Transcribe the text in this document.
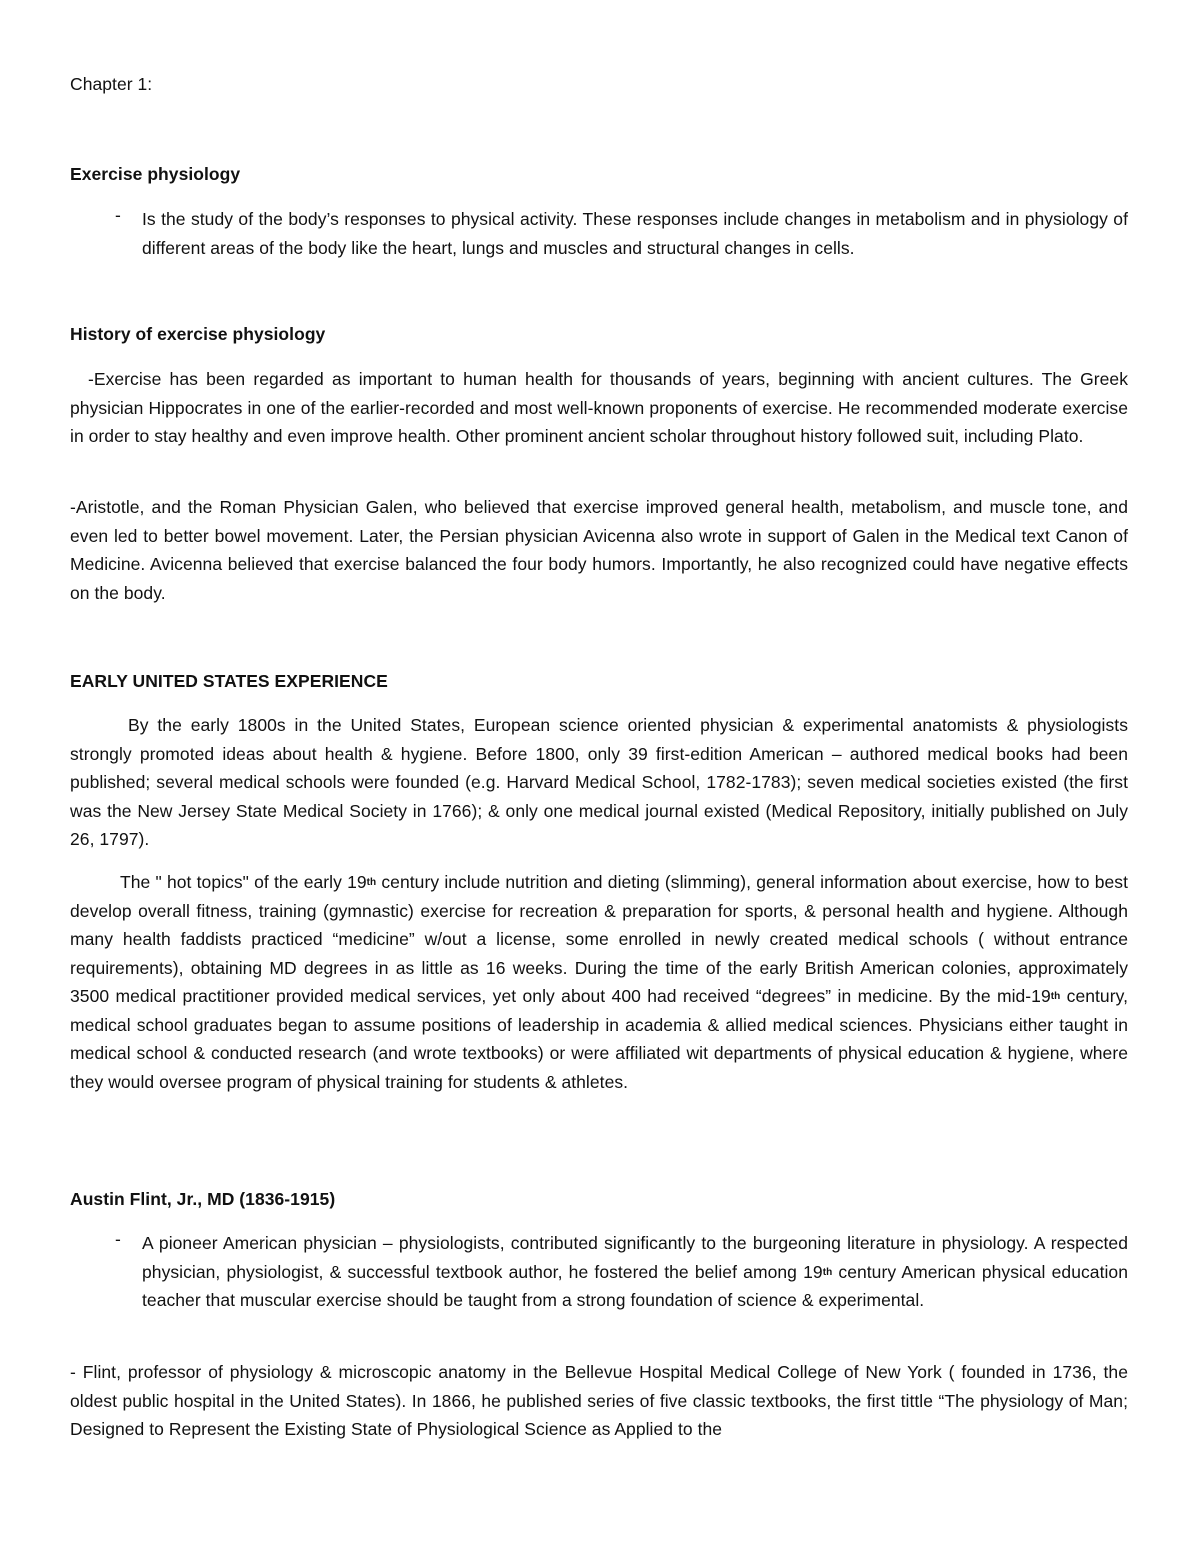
Chapter 1:
Exercise physiology
- Is the study of the body’s responses to physical activity. These responses include changes in metabolism and in physiology of different areas of the body like the heart, lungs and muscles and structural changes in cells.

History of exercise physiology

-Exercise has been regarded as important to human health for thousands of years, beginning with ancient cultures. The Greek physician Hippocrates in one of the earlier-recorded and most well-known proponents of exercise. He recommended moderate exercise in order to stay healthy and even improve health. Other prominent ancient scholar throughout history followed suit, including Plato.

-Aristotle, and the Roman Physician Galen, who believed that exercise improved general health, metabolism, and muscle tone, and even led to better bowel movement. Later, the Persian physician Avicenna also wrote in support of Galen in the Medical text Canon of Medicine. Avicenna believed that exercise balanced the four body humors. Importantly, he also recognized could have negative effects on the body.

EARLY UNITED STATES EXPERIENCE

By the early 1800s in the United States, European science oriented physician & experimental anatomists & physiologists strongly promoted ideas about health & hygiene. Before 1800, only 39 first-edition American – authored medical books had been published; several medical schools were founded (e.g. Harvard Medical School, 1782-1783); seven medical societies existed (the first was the New Jersey State Medical Society in 1766); & only one medical journal existed (Medical Repository, initially published on July 26, 1797).

The " hot topics" of the early 19th century include nutrition and dieting (slimming), general information about exercise, how to best develop overall fitness, training (gymnastic) exercise for recreation & preparation for sports, & personal health and hygiene. Although many health faddists practiced “medicine” w/out a license, some enrolled in newly created medical schools ( without entrance requirements), obtaining MD degrees in as little as 16 weeks. During the time of the early British American colonies, approximately 3500 medical practitioner provided medical services, yet only about 400 had received “degrees” in medicine. By the mid-19th century, medical school graduates began to assume positions of leadership in academia & allied medical sciences. Physicians either taught in medical school & conducted research (and wrote textbooks) or were affiliated wit departments of physical education & hygiene, where they would oversee program of physical training for students & athletes.

Austin Flint, Jr., MD (1836-1915)
- A pioneer American physician – physiologists, contributed significantly to the burgeoning literature in physiology. A respected physician, physiologist, & successful textbook author, he fostered the belief among 19th century American physical education teacher that muscular exercise should be taught from a strong foundation of science & experimental.

- Flint, professor of physiology & microscopic anatomy in the Bellevue Hospital Medical College of New York ( founded in 1736, the oldest public hospital in the United States). In 1866, he published series of five classic textbooks, the first tittle “The physiology of Man; Designed to Represent the Existing State of Physiological Science as Applied to the
